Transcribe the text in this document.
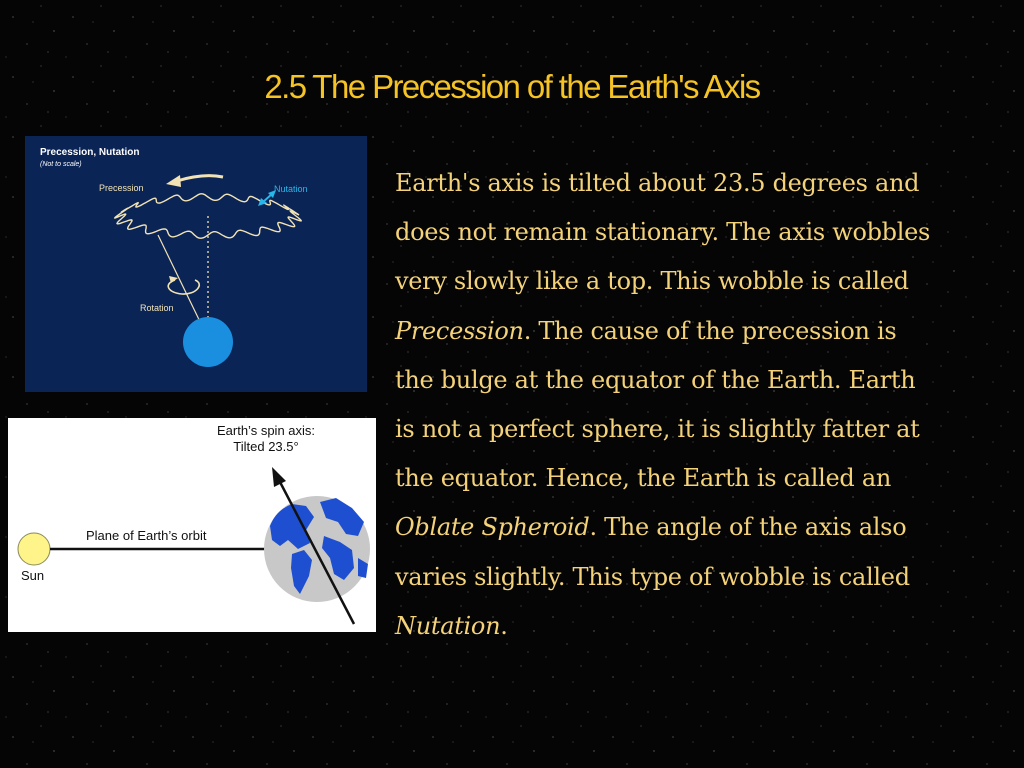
2.5 The Precession of the Earth's Axis
Precession, Nutation
(Not to scale)
Precession	Nutation
Rotation
Earth’s spin axis:
Tilted 23.5°
Sun
Plane of Earth’s orbit
Earth's axis is tilted about 23.5 degrees and
does not remain stationary. The axis wobbles
very slowly like a top. This wobble is called
Precession. The cause of the precession is
the bulge at the equator of the Earth. Earth
is not a perfect sphere, it is slightly fatter at
the equator. Hence, the Earth is called an
Oblate Spheroid. The angle of the axis also
varies slightly. This type of wobble is called
Nutation.
